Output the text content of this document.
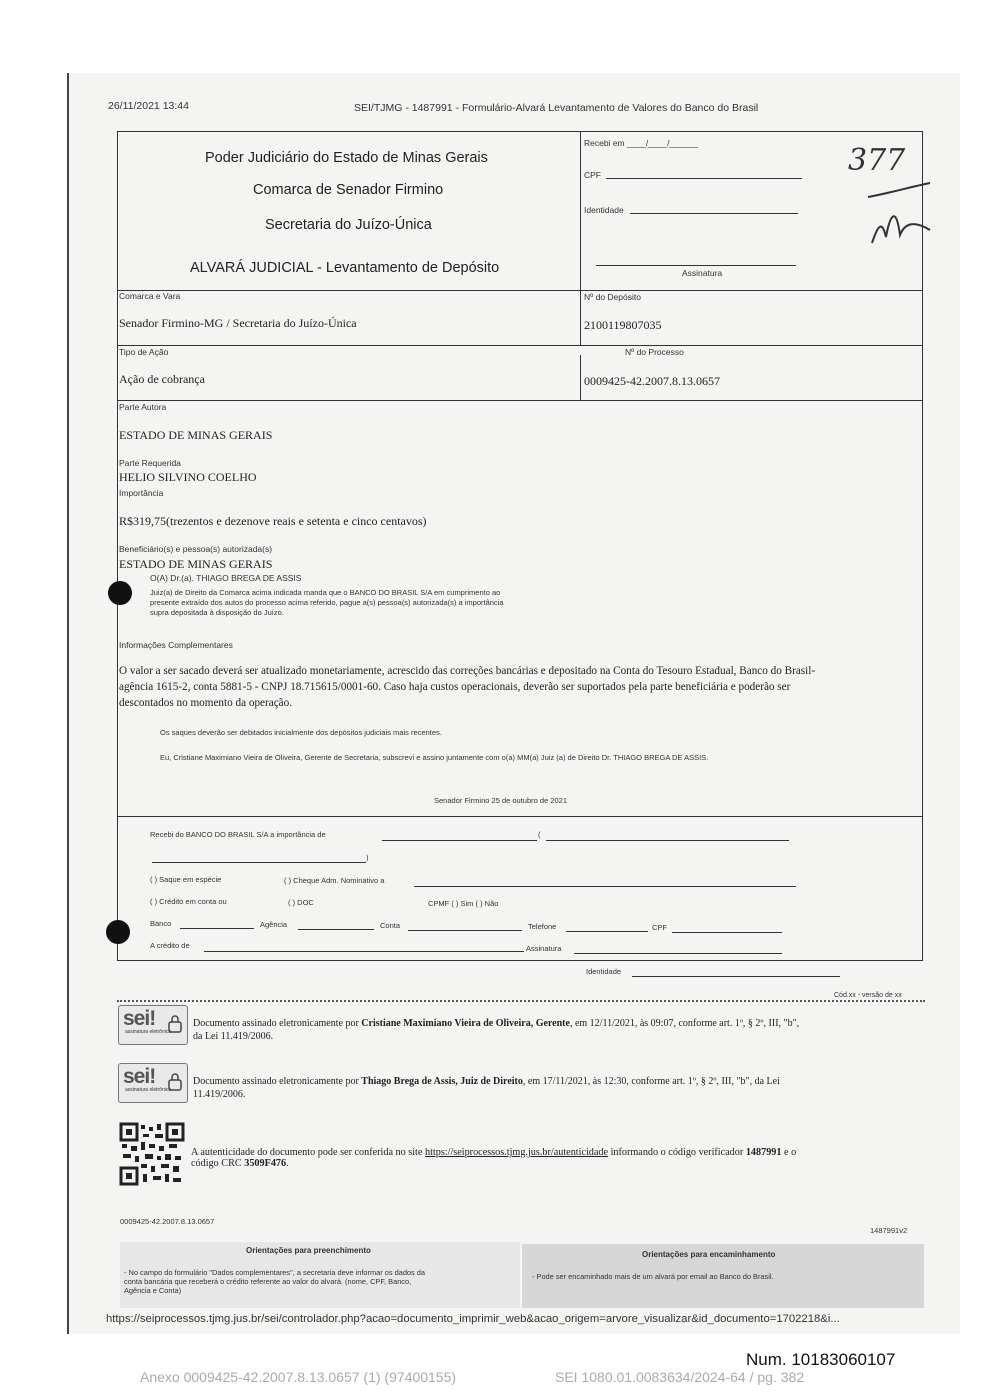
26/11/2021 13:44	SEI/TJMG - 1487991 - Formulário-Alvará Levantamento de Valores do Banco do Brasil
377
Poder Judiciário do Estado de Minas Gerais
Comarca de Senador Firmino
Secretaria do Juízo-Única
ALVARÁ JUDICIAL - Levantamento de Depósito
Recebi em ____/____/______
CPF
Identidade
Assinatura
Comarca e Vara
Senador Firmino-MG / Secretaria do Juízo-Única
Nº do Depósito
2100119807035
Tipo de Ação
Ação de cobrança
Nº do Processo
0009425-42.2007.8.13.0657
Parte Autora
ESTADO DE MINAS GERAIS
Parte Requerida
HELIO SILVINO COELHO
Importância
R$319,75(trezentos e dezenove reais e setenta e cinco centavos)
Beneficiário(s) e pessoa(s) autorizada(s)
ESTADO DE MINAS GERAIS
O(A) Dr.(a). THIAGO BREGA DE ASSIS
Juiz(a) de Direito da Comarca acima indicada manda que o BANCO DO BRASIL S/A em cumprimento ao
presente extraído dos autos do processo acima referido, pague a(s) pessoa(s) autorizada(s) a importância
supra depositada à disposição do Juízo.
Informações Complementares
O valor a ser sacado deverá ser atualizado monetariamente, acrescido das correções bancárias e depositado na Conta do Tesouro Estadual, Banco do Brasil-
agência 1615-2, conta 5881-5 - CNPJ 18.715615/0001-60. Caso haja custos operacionais, deverão ser suportados pela parte beneficiária e poderão ser
descontados no momento da operação.
Os saques deverão ser debitados inicialmente dos depósitos judiciais mais recentes.
Eu, Cristiane Maximiano Vieira de Oliveira, Gerente de Secretaria, subscrevi e assino juntamente com o(a) MM(a) Juiz (a) de Direito Dr. THIAGO BREGA DE ASSIS.
Senador Firmino 25 de outubro de 2021
Recebi do BANCO DO BRASIL S/A a importância de	(
)
( ) Saque em espécie	( ) Cheque Adm. Nominativo a
( ) Crédito em conta ou	( ) DOC	CPMF ( ) Sim ( ) Não
Banco	Agência	Conta	Telefone	CPF
A crédito de	Assinatura
Identidade
Cód.xx - versão de xx
sei!
assinatura eletrônica
Documento assinado eletronicamente por Cristiane Maximiano Vieira de Oliveira, Gerente, em 12/11/2021, às 09:07, conforme art. 1º, § 2º, III, "b",
da Lei 11.419/2006.
sei!
assinatura eletrônica
Documento assinado eletronicamente por Thiago Brega de Assis, Juiz de Direito, em 17/11/2021, às 12:30, conforme art. 1º, § 2º, III, "b", da Lei
11.419/2006.
A autenticidade do documento pode ser conferida no site https://seiprocessos.tjmg.jus.br/autenticidade informando o código verificador 1487991 e o
código CRC 3509F476.
0009425-42.2007.8.13.0657
1487991v2
Orientações para preenchimento
- No campo do formulário "Dados complementares", a secretaria deve informar os dados da
conta bancária que receberá o crédito referente ao valor do alvará. (nome, CPF, Banco,
Agência e Conta)
Orientações para encaminhamento
- Pode ser encaminhado mais de um alvará por email ao Banco do Brasil.
https://seiprocessos.tjmg.jus.br/sei/controlador.php?acao=documento_imprimir_web&acao_origem=arvore_visualizar&id_documento=1702218&i...
Num. 10183060107
Anexo 0009425-42.2007.8.13.0657 (1) (97400155)	SEI 1080.01.0083634/2024-64 / pg. 382
